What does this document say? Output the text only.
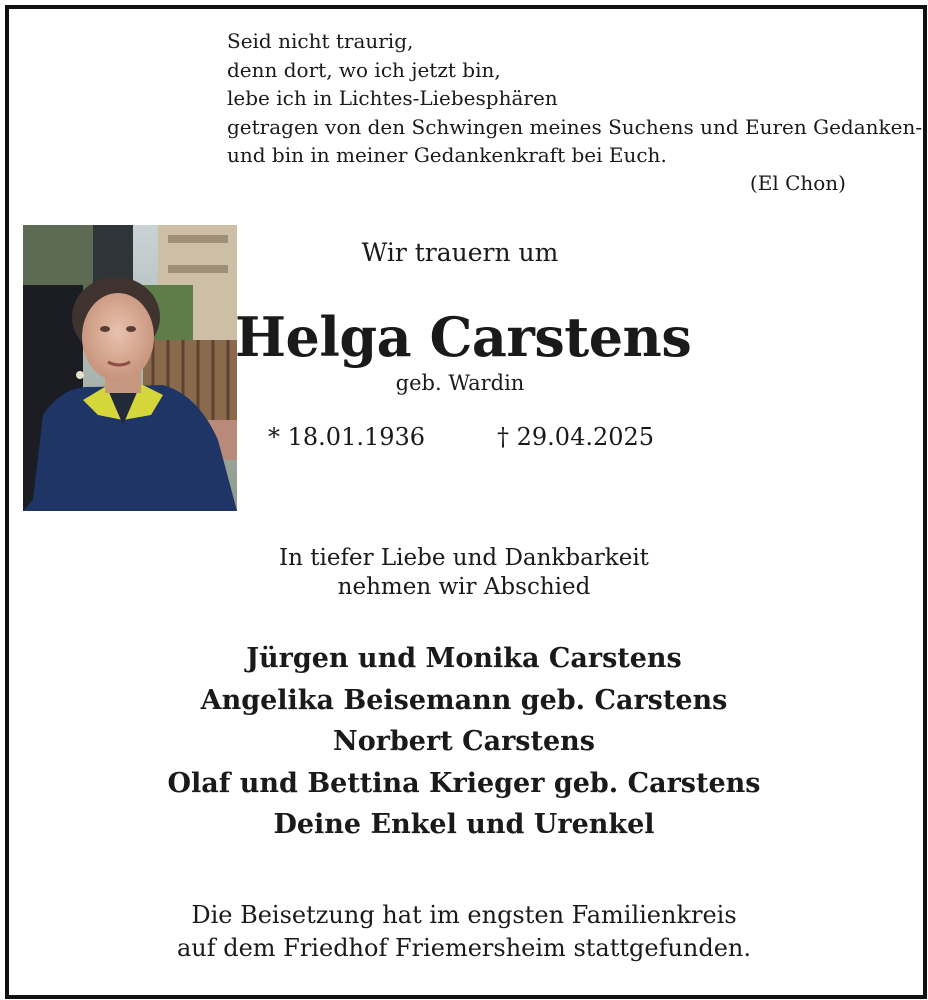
Seid nicht traurig,
denn dort, wo ich jetzt bin,
lebe ich in Lichtes-Liebesphären
getragen von den Schwingen meines Suchens und Euren Gedanken-
und bin in meiner Gedankenkraft bei Euch.
(El Chon)
Wir trauern um
Helga Carstens
geb. Wardin
* 18.01.1936	† 29.04.2025
In tiefer Liebe und Dankbarkeit
nehmen wir Abschied
Jürgen und Monika Carstens
Angelika Beisemann geb. Carstens
Norbert Carstens
Olaf und Bettina Krieger geb. Carstens
Deine Enkel und Urenkel
Die Beisetzung hat im engsten Familienkreis
auf dem Friedhof Friemersheim stattgefunden.
